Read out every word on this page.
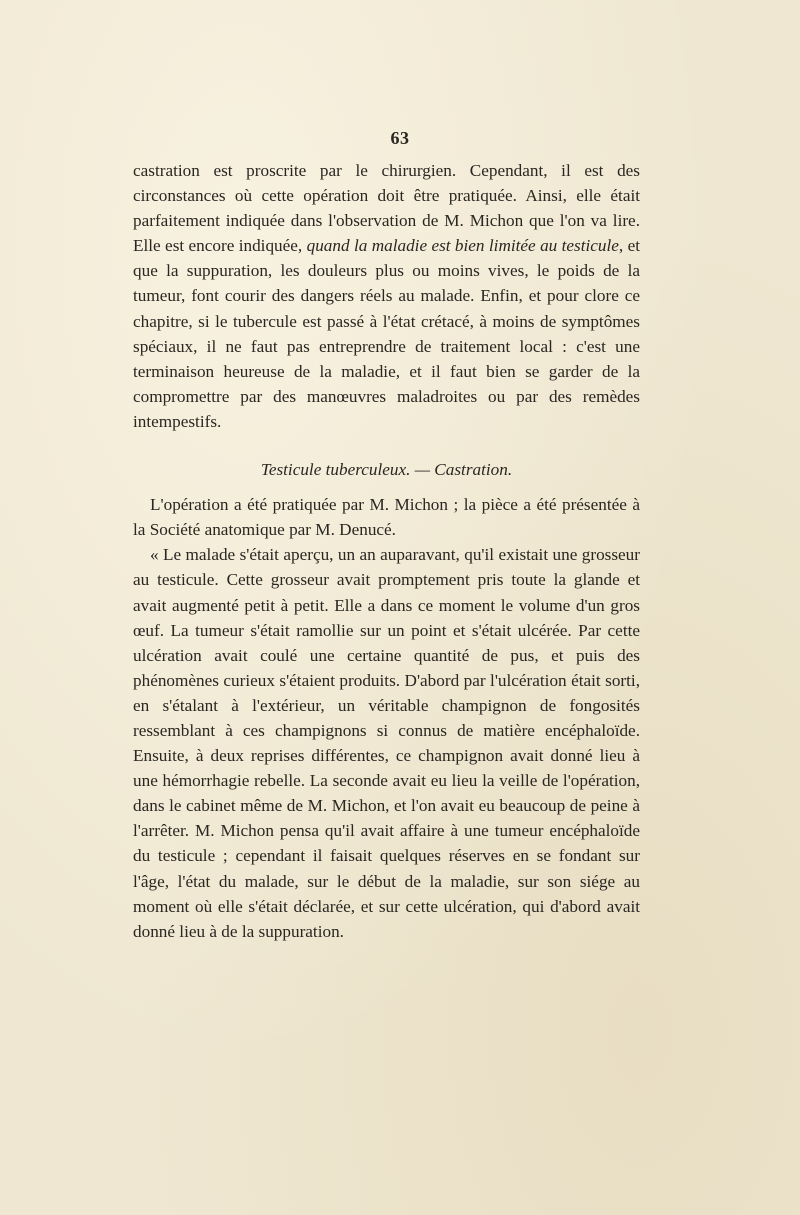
63

castration est proscrite par le chirurgien. Cependant, il est des circonstances où cette opération doit être pratiquée. Ainsi, elle était parfaitement indiquée dans l'observation de M. Michon que l'on va lire. Elle est encore indiquée, quand la maladie est bien limitée au testicule, et que la suppuration, les douleurs plus ou moins vives, le poids de la tumeur, font courir des dangers réels au malade. Enfin, et pour clore ce chapitre, si le tubercule est passé à l'état crétacé, à moins de symptômes spéciaux, il ne faut pas entreprendre de traitement local : c'est une terminaison heureuse de la maladie, et il faut bien se garder de la compromettre par des manœuvres maladroites ou par des remèdes intempestifs.

Testicule tuberculeux. — Castration.

L'opération a été pratiquée par M. Michon ; la pièce a été présentée à la Société anatomique par M. Denucé.

« Le malade s'était aperçu, un an auparavant, qu'il existait une grosseur au testicule. Cette grosseur avait promptement pris toute la glande et avait augmenté petit à petit. Elle a dans ce moment le volume d'un gros œuf. La tumeur s'était ramollie sur un point et s'était ulcérée. Par cette ulcération avait coulé une certaine quantité de pus, et puis des phénomènes curieux s'étaient produits. D'abord par l'ulcération était sorti, en s'étalant à l'extérieur, un véritable champignon de fongosités ressemblant à ces champignons si connus de matière encéphaloïde. Ensuite, à deux reprises différentes, ce champignon avait donné lieu à une hémorrhagie rebelle. La seconde avait eu lieu la veille de l'opération, dans le cabinet même de M. Michon, et l'on avait eu beaucoup de peine à l'arrêter. M. Michon pensa qu'il avait affaire à une tumeur encéphaloïde du testicule ; cependant il faisait quelques réserves en se fondant sur l'âge, l'état du malade, sur le début de la maladie, sur son siége au moment où elle s'était déclarée, et sur cette ulcération, qui d'abord avait donné lieu à de la suppuration.
